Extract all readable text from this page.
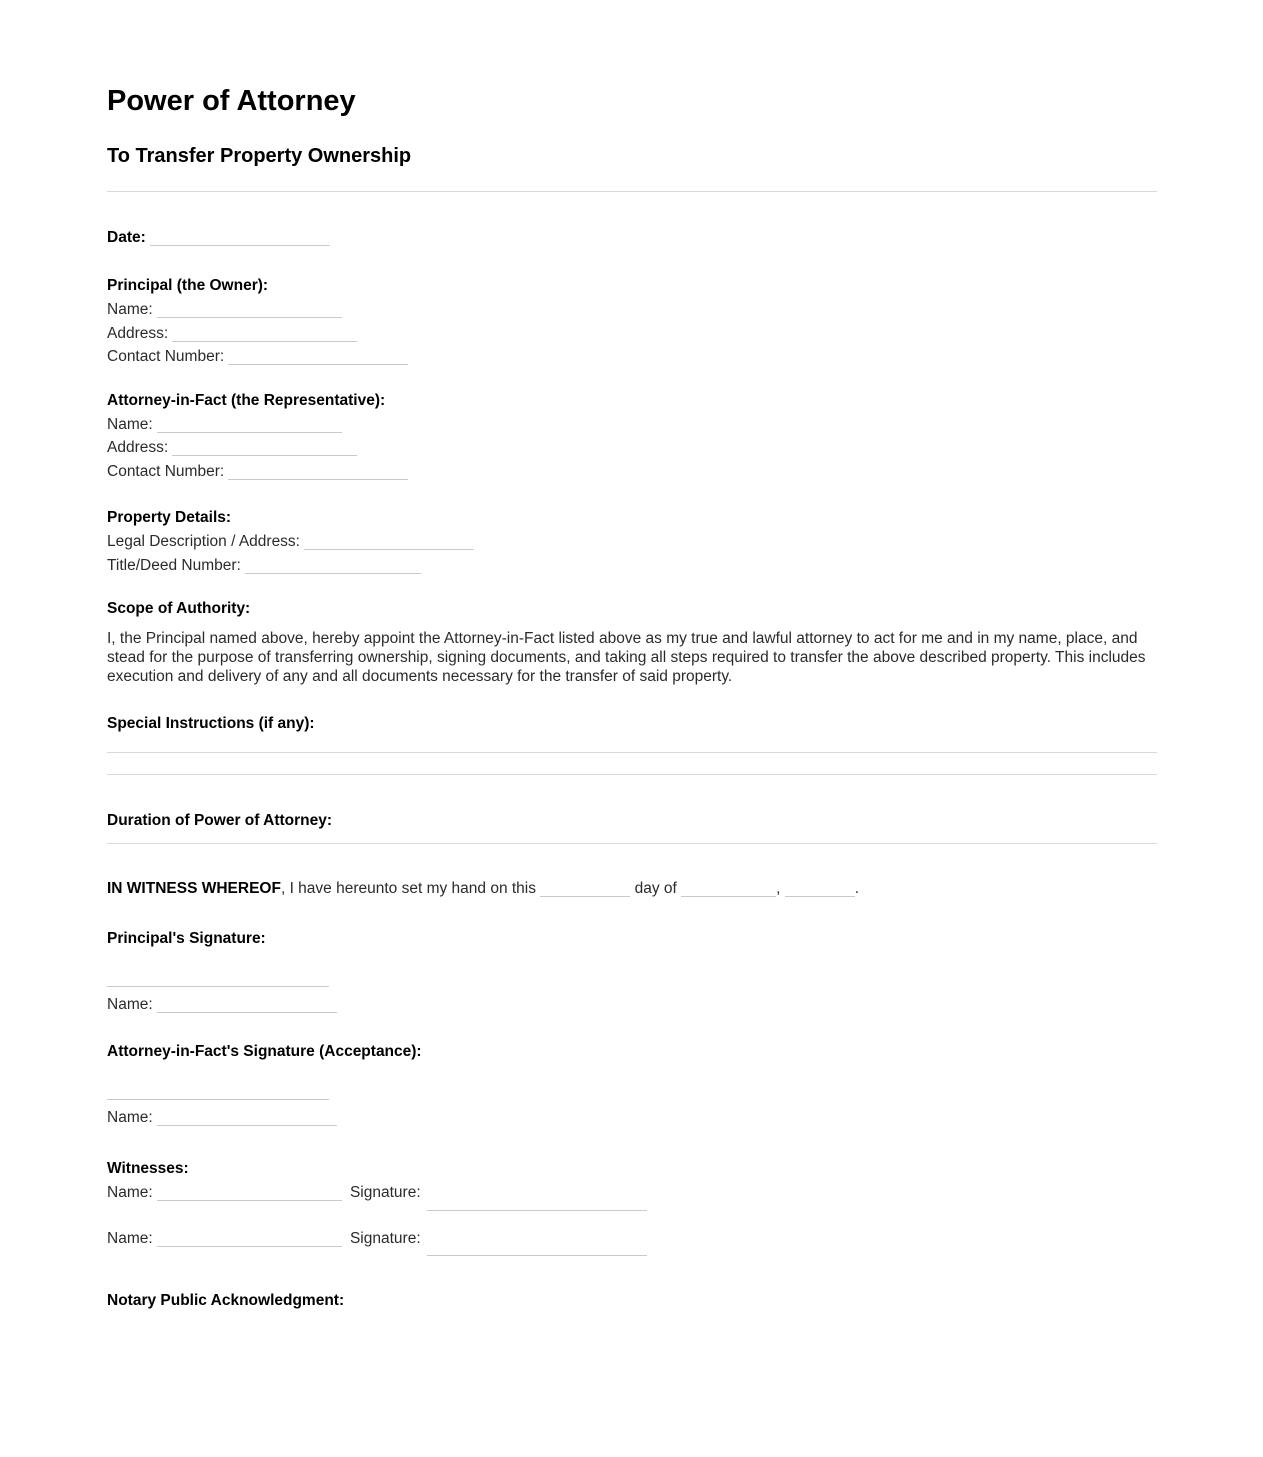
Power of Attorney
To Transfer Property Ownership

Date:

Principal (the Owner):

Name:

Address:

Contact Number:

Attorney-in-Fact (the Representative):

Name:

Address:

Contact Number:

Property Details:

Legal Description / Address:

Title/Deed Number:

Scope of Authority:

I, the Principal named above, hereby appoint the Attorney-in-Fact listed above as my true and lawful attorney to act for me and in my name, place, and stead for the purpose of transferring ownership, signing documents, and taking all steps required to transfer the above described property. This includes execution and delivery of any and all documents necessary for the transfer of said property.

Special Instructions (if any):

Duration of Power of Attorney:

IN WITNESS WHEREOF, I have hereunto set my hand on this	day of	,	.

Principal's Signature:

Name:

Attorney-in-Fact's Signature (Acceptance):

Name:

Witnesses:

Name:	Signature:

Name:	Signature:

Notary Public Acknowledgment:
